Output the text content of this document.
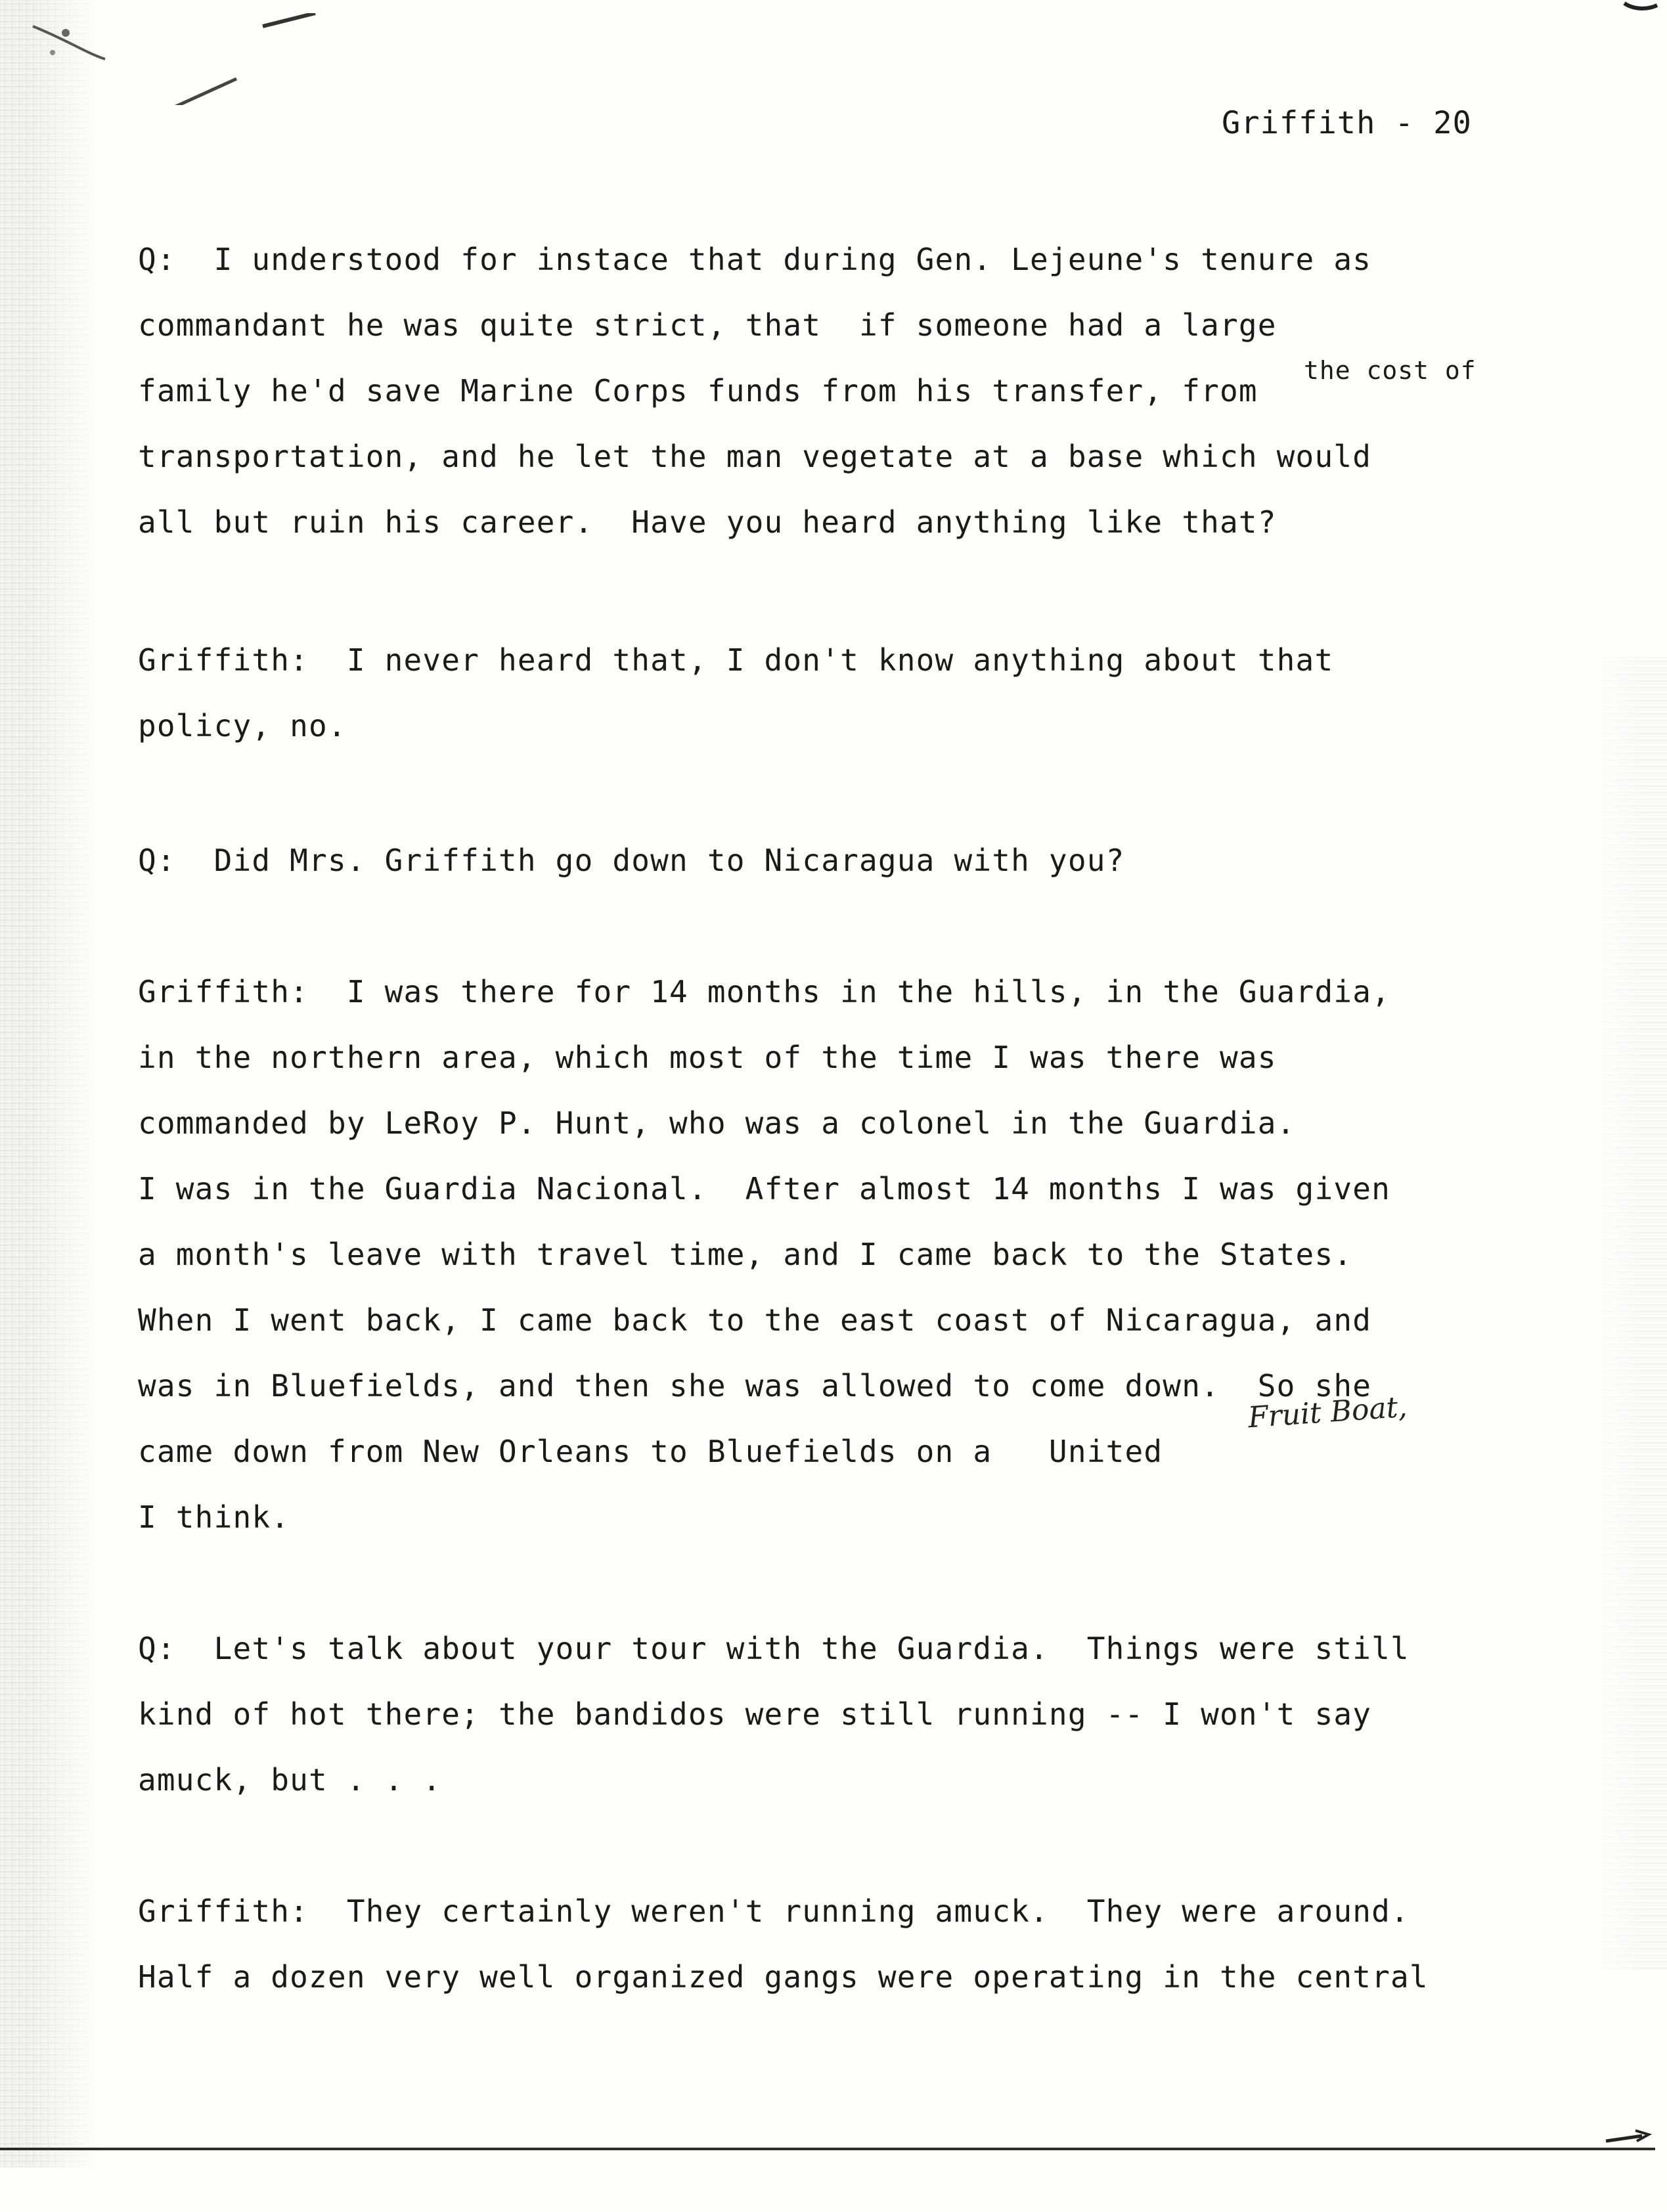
Griffith - 20
Q:  I understood for instace that during Gen. Lejeune's tenure as
commandant he was quite strict, that  if someone had a large
family he'd save Marine Corps funds from his transfer, from
transportation, and he let the man vegetate at a base which would
all but ruin his career.  Have you heard anything like that?
Griffith:  I never heard that, I don't know anything about that
policy, no.
Q:  Did Mrs. Griffith go down to Nicaragua with you?
Griffith:  I was there for 14 months in the hills, in the Guardia,
in the northern area, which most of the time I was there was
commanded by LeRoy P. Hunt, who was a colonel in the Guardia.
I was in the Guardia Nacional.  After almost 14 months I was given
a month's leave with travel time, and I came back to the States.
When I went back, I came back to the east coast of Nicaragua, and
was in Bluefields, and then she was allowed to come down.  So she
came down from New Orleans to Bluefields on a   United
I think.
Q:  Let's talk about your tour with the Guardia.  Things were still
kind of hot there; the bandidos were still running -- I won't say
amuck, but . . .
Griffith:  They certainly weren't running amuck.  They were around.
Half a dozen very well organized gangs were operating in the central
the cost of
Fruit Boat,
